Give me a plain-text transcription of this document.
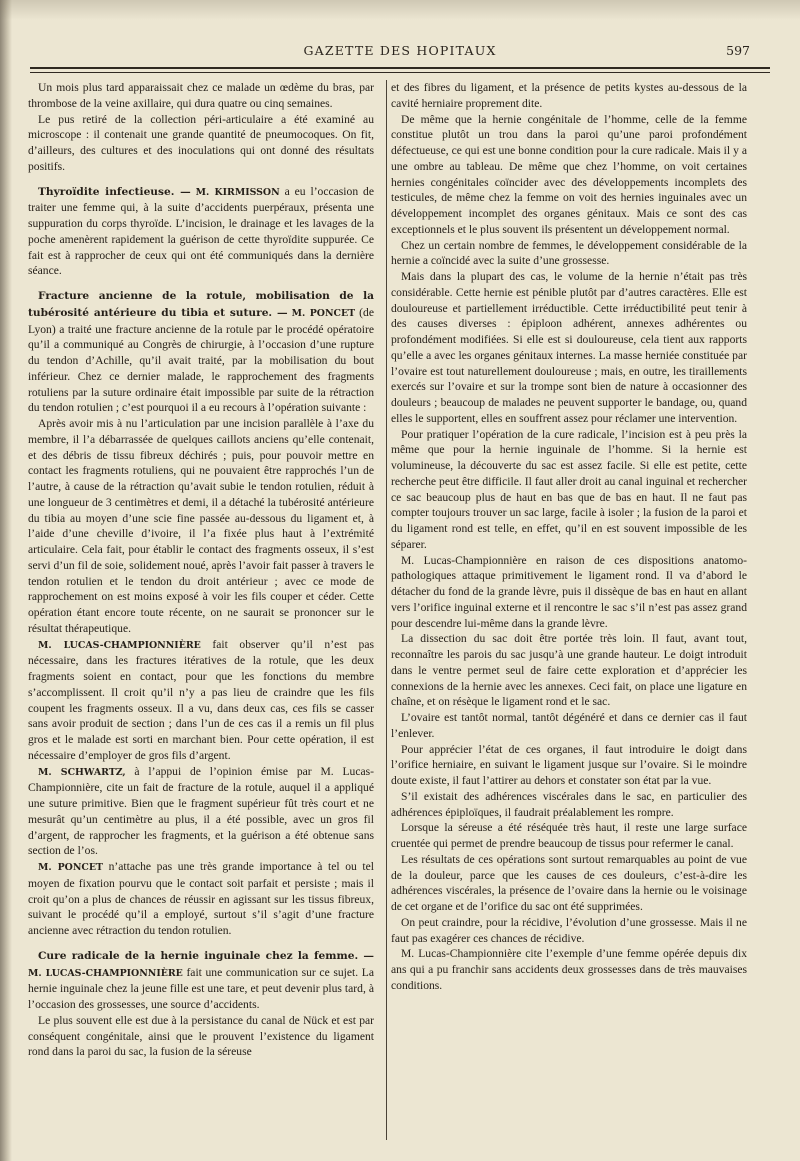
GAZETTE DES HOPITAUX	597

Un mois plus tard apparaissait chez ce malade un œdème du bras, par thrombose de la veine axillaire, qui dura quatre ou cinq semaines.

Le pus retiré de la collection péri-articulaire a été examiné au microscope : il contenait une grande quantité de pneumocoques. On fit, d’ailleurs, des cultures et des inoculations qui ont donné des résultats positifs.

Thyroïdite infectieuse. — M. KIRMISSON a eu l’occasion de traiter une femme qui, à la suite d’accidents puerpéraux, présenta une suppuration du corps thyroïde. L’incision, le drainage et les lavages de la poche amenèrent rapidement la guérison de cette thyroïdite suppurée. Ce fait est à rapprocher de ceux qui ont été communiqués dans la dernière séance.

Fracture ancienne de la rotule, mobilisation de la tubérosité antérieure du tibia et suture. — M. PONCET (de Lyon) a traité une fracture ancienne de la rotule par le procédé opératoire qu’il a communiqué au Congrès de chirurgie, à l’occasion d’une rupture du tendon d’Achille, qu’il avait traité, par la mobilisation du bout inférieur. Chez ce dernier malade, le rapprochement des fragments rotuliens par la suture ordinaire était impossible par suite de la rétraction du tendon rotulien ; c’est pourquoi il a eu recours à l’opération suivante :

Après avoir mis à nu l’articulation par une incision parallèle à l’axe du membre, il l’a débarrassée de quelques caillots anciens qu’elle contenait, et des débris de tissu fibreux déchirés ; puis, pour pouvoir mettre en contact les fragments rotuliens, qui ne pouvaient être rapprochés l’un de l’autre, à cause de la rétraction qu’avait subie le tendon rotulien, réduit à une longueur de 3 centimètres et demi, il a détaché la tubérosité antérieure du tibia au moyen d’une scie fine passée au-dessous du ligament et, à l’aide d’une cheville d’ivoire, il l’a fixée plus haut à l’extrémité articulaire. Cela fait, pour établir le contact des fragments osseux, il s’est servi d’un fil de soie, solidement noué, après l’avoir fait passer à travers le tendon rotulien et le tendon du droit antérieur ; avec ce mode de rapprochement on est moins exposé à voir les fils couper et céder. Cette opération étant encore toute récente, on ne saurait se prononcer sur le résultat thérapeutique.

M. LUCAS-CHAMPIONNIÈRE fait observer qu’il n’est pas nécessaire, dans les fractures itératives de la rotule, que les deux fragments soient en contact, pour que les fonctions du membre s’accomplissent. Il croit qu’il n’y a pas lieu de craindre que les fils coupent les fragments osseux. Il a vu, dans deux cas, ces fils se casser sans avoir produit de section ; dans l’un de ces cas il a remis un fil plus gros et le malade est sorti en marchant bien. Pour cette opération, il est nécessaire d’employer de gros fils d’argent.

M. SCHWARTZ, à l’appui de l’opinion émise par M. Lucas-Championnière, cite un fait de fracture de la rotule, auquel il a appliqué une suture primitive. Bien que le fragment supérieur fût très court et ne mesurât qu’un centimètre au plus, il a été possible, avec un gros fil d’argent, de rapprocher les fragments, et la guérison a été obtenue sans section de l’os.

M. PONCET n’attache pas une très grande importance à tel ou tel moyen de fixation pourvu que le contact soit parfait et persiste ; mais il croit qu’on a plus de chances de réussir en agissant sur les tissus fibreux, suivant le procédé qu’il a employé, surtout s’il s’agit d’une fracture ancienne avec rétraction du tendon rotulien.

Cure radicale de la hernie inguinale chez la femme. — M. LUCAS-CHAMPIONNIÈRE fait une communication sur ce sujet. La hernie inguinale chez la jeune fille est une tare, et peut devenir plus tard, à l’occasion des grossesses, une source d’accidents.

Le plus souvent elle est due à la persistance du canal de Nück et est par conséquent congénitale, ainsi que le prouvent l’existence du ligament rond dans la paroi du sac, la fusion de la séreuse

et des fibres du ligament, et la présence de petits kystes au-dessous de la cavité herniaire proprement dite.

De même que la hernie congénitale de l’homme, celle de la femme constitue plutôt un trou dans la paroi qu’une paroi profondément défectueuse, ce qui est une bonne condition pour la cure radicale. Mais il y a une ombre au tableau. De même que chez l’homme, on voit certaines hernies congénitales coïncider avec des développements incomplets des testicules, de même chez la femme on voit des hernies inguinales avec un développement incomplet des organes génitaux. Mais ce sont des cas exceptionnels et le plus souvent ils présentent un développement normal.

Chez un certain nombre de femmes, le développement considérable de la hernie a coïncidé avec la suite d’une grossesse.

Mais dans la plupart des cas, le volume de la hernie n’était pas très considérable. Cette hernie est pénible plutôt par d’autres caractères. Elle est douloureuse et partiellement irréductible. Cette irréductibilité peut tenir à des causes diverses : épiploon adhérent, annexes adhérentes ou profondément modifiées. Si elle est si douloureuse, cela tient aux rapports qu’elle a avec les organes génitaux internes. La masse herniée constituée par l’ovaire est tout naturellement douloureuse ; mais, en outre, les tiraillements exercés sur l’ovaire et sur la trompe sont bien de nature à occasionner des douleurs ; beaucoup de malades ne peuvent supporter le bandage, ou, quand elles le supportent, elles en souffrent assez pour réclamer une intervention.

Pour pratiquer l’opération de la cure radicale, l’incision est à peu près la même que pour la hernie inguinale de l’homme. Si la hernie est volumineuse, la découverte du sac est assez facile. Si elle est petite, cette recherche peut être difficile. Il faut aller droit au canal inguinal et rechercher ce sac beaucoup plus de haut en bas que de bas en haut. Il ne faut pas compter toujours trouver un sac large, facile à isoler ; la fusion de la paroi et du ligament rond est telle, en effet, qu’il en est souvent impossible de les séparer.

M. Lucas-Championnière en raison de ces dispositions anatomo-pathologiques attaque primitivement le ligament rond. Il va d’abord le détacher du fond de la grande lèvre, puis il dissèque de bas en haut en allant vers l’orifice inguinal externe et il rencontre le sac s’il n’est pas assez grand pour descendre lui-même dans la grande lèvre.

La dissection du sac doit être portée très loin. Il faut, avant tout, reconnaître les parois du sac jusqu’à une grande hauteur. Le doigt introduit dans le ventre permet seul de faire cette exploration et d’apprécier les connexions de la hernie avec les annexes. Ceci fait, on place une ligature en chaîne, et on résèque le ligament rond et le sac.

L’ovaire est tantôt normal, tantôt dégénéré et dans ce dernier cas il faut l’enlever.

Pour apprécier l’état de ces organes, il faut introduire le doigt dans l’orifice herniaire, en suivant le ligament jusque sur l’ovaire. Si le moindre doute existe, il faut l’attirer au dehors et constater son état par la vue.

S’il existait des adhérences viscérales dans le sac, en particulier des adhérences épiploïques, il faudrait préalablement les rompre.

Lorsque la séreuse a été réséquée très haut, il reste une large surface cruentée qui permet de prendre beaucoup de tissus pour refermer le canal.

Les résultats de ces opérations sont surtout remarquables au point de vue de la douleur, parce que les causes de ces douleurs, c’est-à-dire les adhérences viscérales, la présence de l’ovaire dans la hernie ou le voisinage de cet organe et de l’orifice du sac ont été supprimées.

On peut craindre, pour la récidive, l’évolution d’une grossesse. Mais il ne faut pas exagérer ces chances de récidive.

M. Lucas-Championnière cite l’exemple d’une femme opérée depuis dix ans qui a pu franchir sans accidents deux grossesses dans de très mauvaises conditions.
